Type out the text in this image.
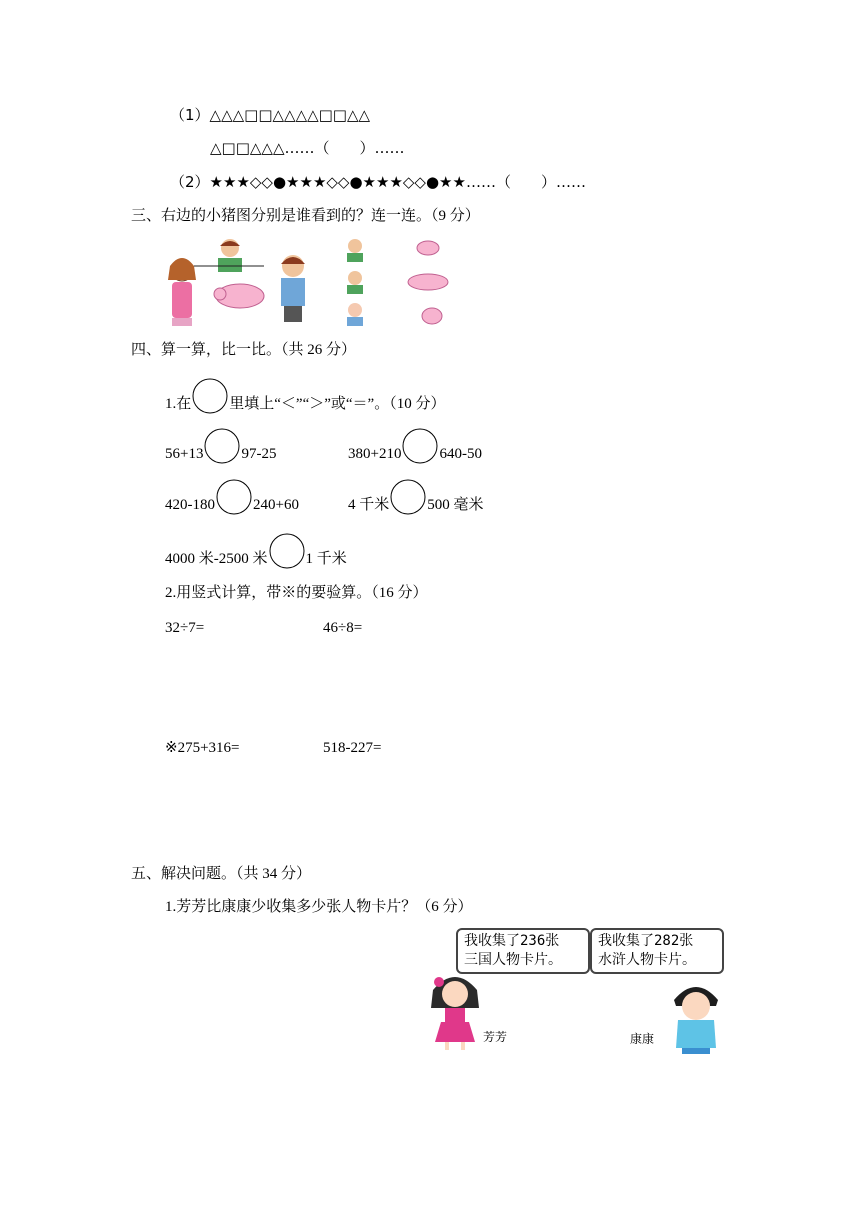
（1）△△△□□△△△△□□△△
△□□△△△……（　　）……
（2）★★★◇◇●★★★◇◇●★★★◇◇●★★……（　　）……
三、右边的小猪图分别是谁看到的？连一连。（9 分）
四、算一算，比一比。（共 26 分）
1.在	里填上“＜”“＞”或“＝”。（10 分）
56+13	97-25	380+210	640-50
420-180	240+60	4 千米	500 毫米
4000 米-2500 米	1 千米
2.用竖式计算，带※的要验算。（16 分）
32÷7=	46÷8=
※275+316=	518-227=
五、解决问题。（共 34 分）
1.芳芳比康康少收集多少张人物卡片？（6 分）
我收集了236张
三国人物卡片。
我收集了282张
水浒人物卡片。
芳芳	康康
